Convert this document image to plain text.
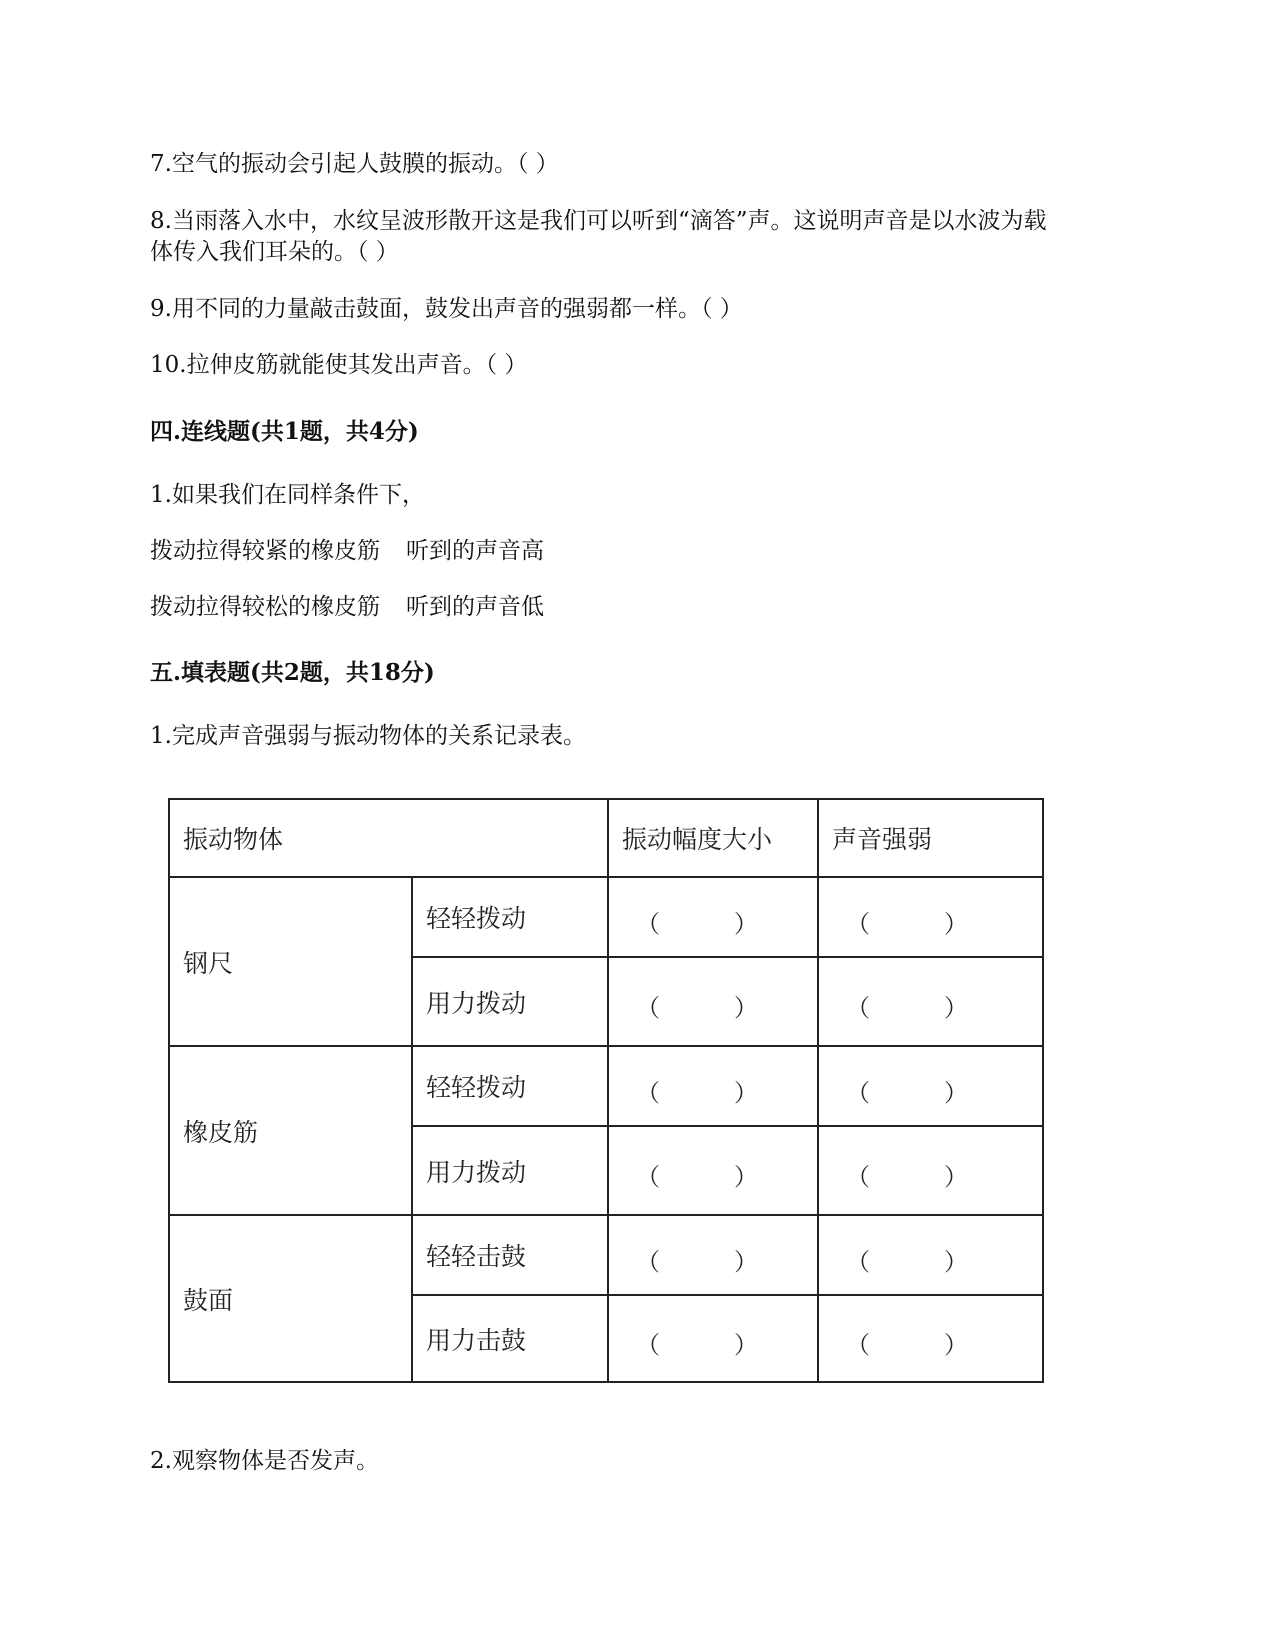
7.空气的振动会引起人鼓膜的振动。（ ）
8.当雨落入水中，水纹呈波形散开这是我们可以听到“滴答”声。这说明声音是以水波为载
体传入我们耳朵的。（ ）
9.用不同的力量敲击鼓面，鼓发出声音的强弱都一样。（ ）
10.拉伸皮筋就能使其发出声音。（ ）
四.连线题(共1题，共4分)
1.如果我们在同样条件下，
拨动拉得较紧的橡皮筋 听到的声音高
拨动拉得较松的橡皮筋 听到的声音低
五.填表题(共2题，共18分)
1.完成声音强弱与振动物体的关系记录表。
振动物体		振动幅度大小	声音强弱
钢尺	轻轻拨动	（ ）	（ ）

	用力拨动	（ ）	（ ）

橡皮筋	轻轻拨动	（ ）	（ ）

	用力拨动	（ ）	（ ）

鼓面	轻轻击鼓	（ ）	（ ）

	用力击鼓	（ ）	（ ）

2.观察物体是否发声。
